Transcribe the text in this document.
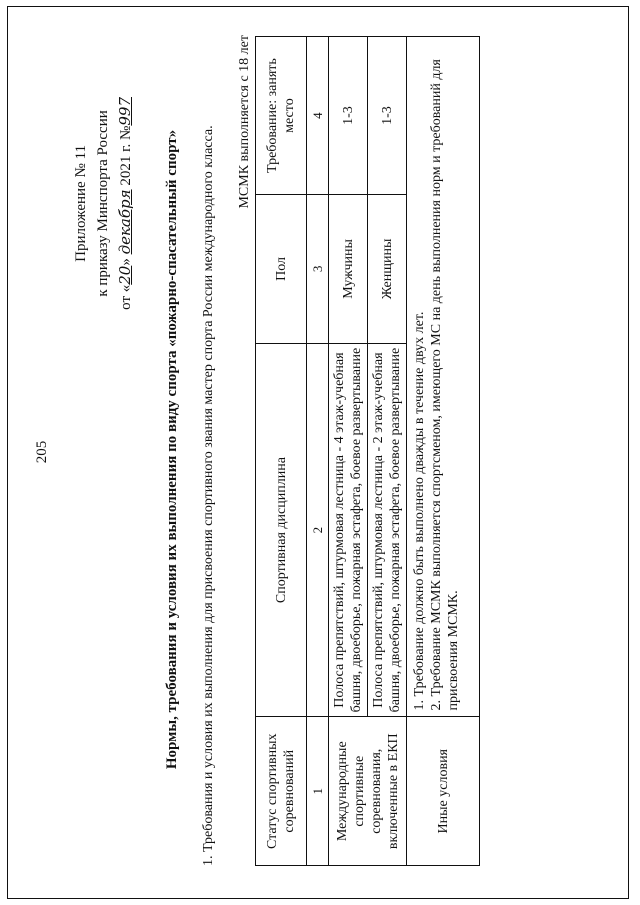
205
Приложение № 11 к приказу Минспорта России
от «20» декабря 2021 г. №997
Нормы, требования и условия их выполнения по виду спорта «пожарно-спасательный спорт» 1. Требования и условия их выполнения для присвоения спортивного звания мастер спорта России международного класса.
МСМК выполняется с 18 лет
Статус спортивных соревнований	Спортивная дисциплина	Пол	Требование: занять место
1	2	3	4
Международные спортивные соревнования, включенные в ЕКП	Полоса препятствий, штурмовая лестница - 4 этаж-учебная башня, двоеборье, пожарная эстафета, боевое развертывание	Мужчины	1-3
	Полоса препятствий, штурмовая лестница - 2 этаж-учебная башня, двоеборье, пожарная эстафета, боевое развертывание	Женщины	1-3
Иные условия	1. Требование должно быть выполнено дважды в течение двух лет. 2. Требование МСМК выполняется спортсменом, имеющего МС на день выполнения норм и требований для присвоения МСМК.		
